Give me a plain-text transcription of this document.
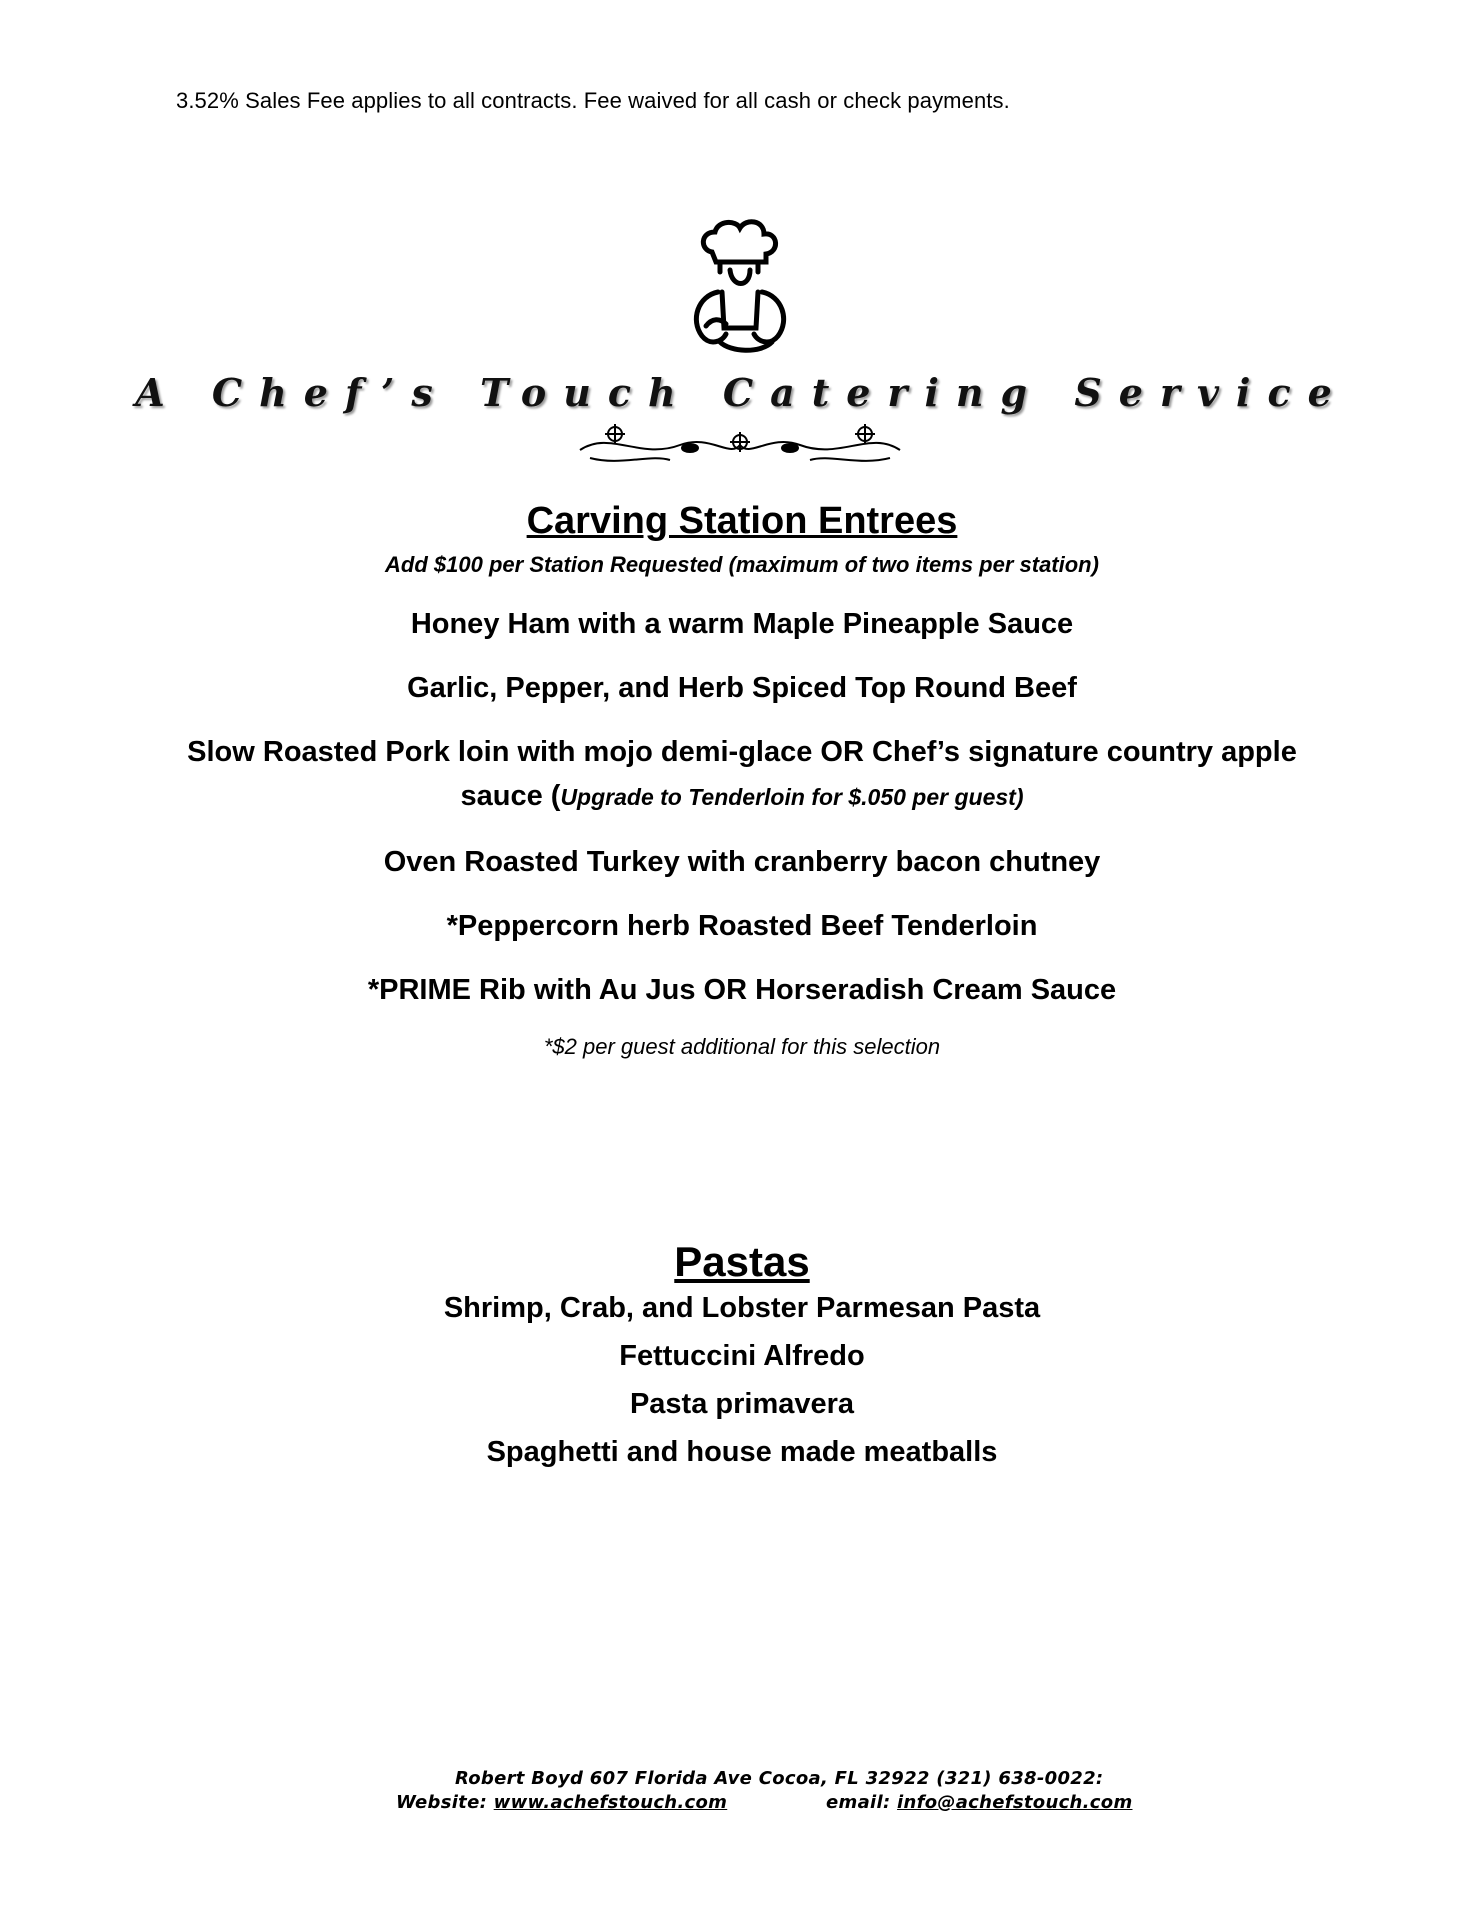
3.52% Sales Fee applies to all contracts. Fee waived for all cash or check payments.
A Chef’s Touch Catering Service
Carving Station Entrees
Add $100 per Station Requested (maximum of two items per station)
Honey Ham with a warm Maple Pineapple Sauce
Garlic, Pepper, and Herb Spiced Top Round Beef
Slow Roasted Pork loin with mojo demi-glace OR Chef’s signature country apple
sauce (Upgrade to Tenderloin for $.050 per guest)
Oven Roasted Turkey with cranberry bacon chutney
*Peppercorn herb Roasted Beef Tenderloin
*PRIME Rib with Au Jus OR Horseradish Cream Sauce
*$2 per guest additional for this selection
Pastas
Shrimp, Crab, and Lobster Parmesan Pasta
Fettuccini Alfredo
Pasta primavera
Spaghetti and house made meatballs
Robert Boyd 607 Florida Ave Cocoa, FL 32922 (321) 638-0022:
Website: www.achefstouch.com	email: info@achefstouch.com
